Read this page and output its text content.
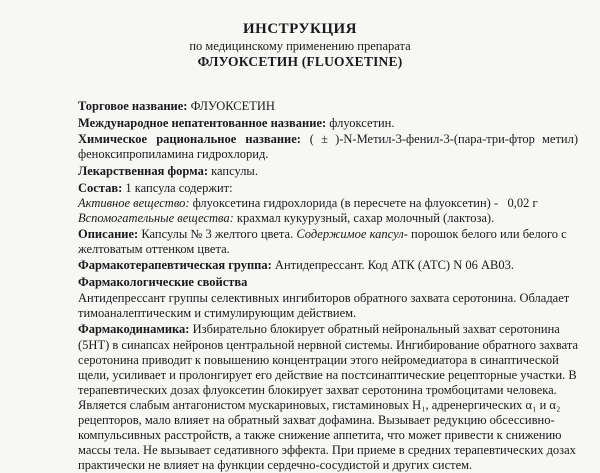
ИНСТРУКЦИЯ
по медицинскому применению препарата
ФЛУОКСЕТИН (FLUOXETINE)
Торговое название: ФЛУОКСЕТИН
Международное непатентованное название: флуоксетин.
Химическое рациональное название: ( ± )-N-Метил-3-фенил-3-(пара-три-фтор метил)
феноксипропиламина гидрохлорид.
Лекарственная форма: капсулы.
Состав: 1 капсула содержит:
Активное вещество: флуоксетина гидрохлорида (в пересчете на флуоксетин) -   0,02 г
Вспомогательные вещества: крахмал кукурузный, сахар молочный (лактоза).
Описание: Капсулы № 3 желтого цвета. Содержимое капсул- порошок белого или белого с
желтоватым оттенком цвета.
Фармакотерапевтическая группа: Антидепрессант. Код АТК (АТС) N 06 АВ03.
Фармакологические свойства
Антидепрессант группы селективных ингибиторов обратного захвата серотонина. Обладает
тимоаналептическим и стимулирующим действием.
Фармакодинамика: Избирательно блокирует обратный нейрональный захват серотонина
(5НТ) в синапсах нейронов центральной нервной системы. Ингибирование обратного захвата
серотонина приводит к повышению концентрации этого нейромедиатора в синаптической
щели, усиливает и пролонгирует его действие на постсинаптические рецепторные участки. В
терапевтических дозах флуоксетин блокирует захват серотонина тромбоцитами человека.
Является слабым антагонистом мускариновых, гистаминовых H₁, адренергических α₁ и α₂
рецепторов, мало влияет на обратный захват дофамина. Вызывает редукцию обсессивно-
компульсивных расстройств, а также снижение аппетита, что может привести к снижению
массы тела. Не вызывает седативного эффекта. При приеме в средних терапевтических дозах
практически не влияет на функции сердечно-сосудистой и других систем.
